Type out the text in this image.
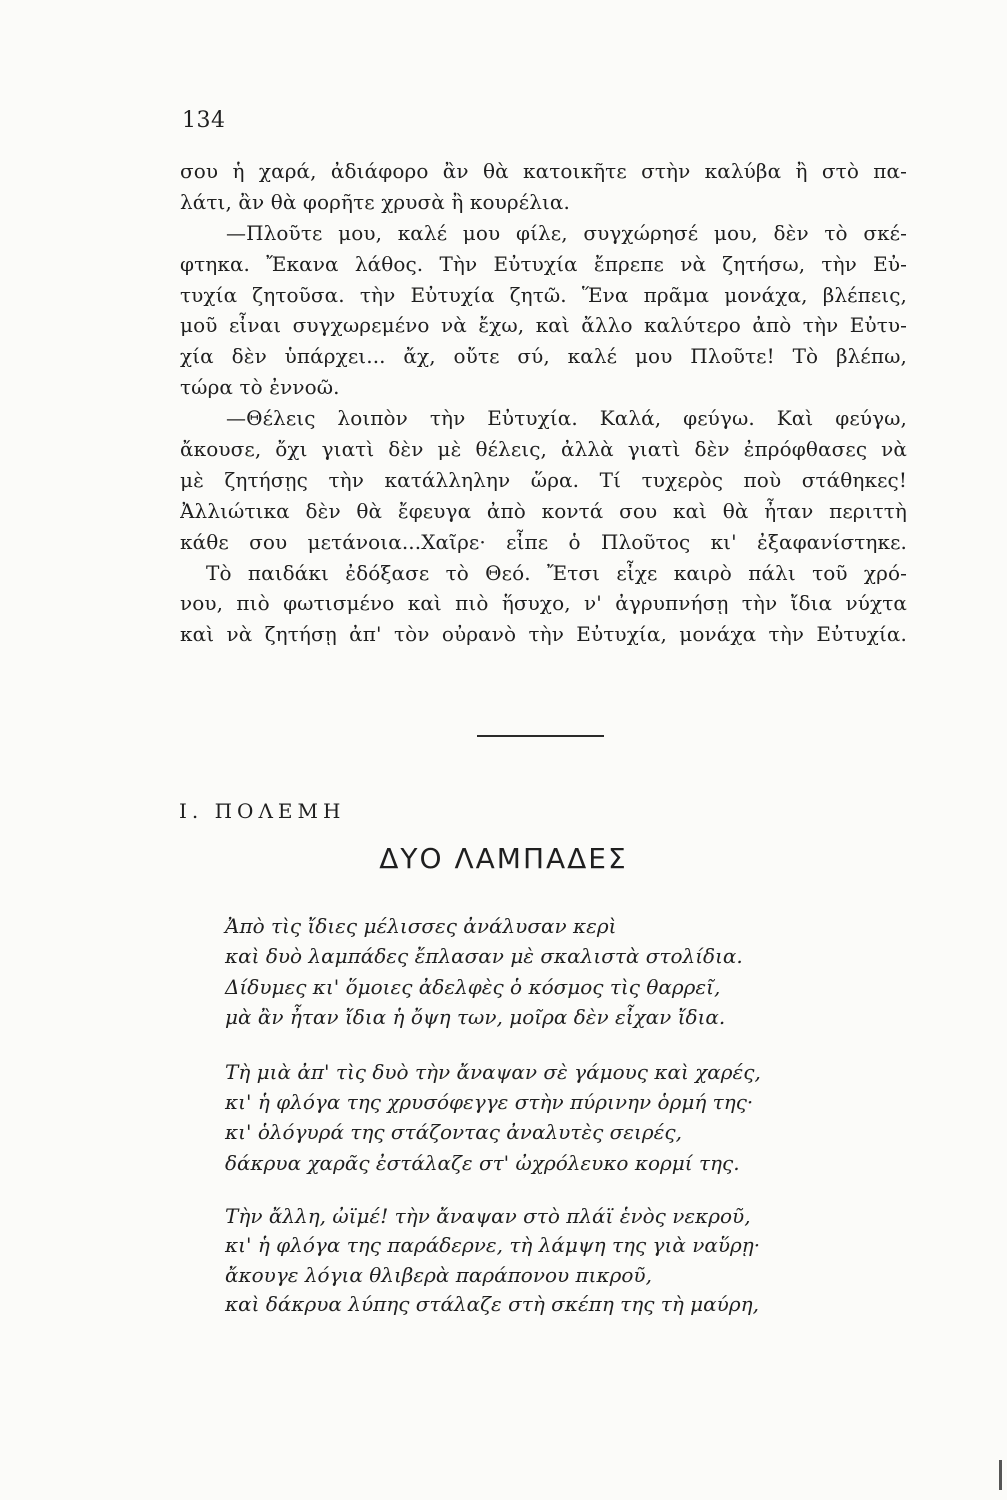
134
σου ἡ χαρά, ἀδιάφορο ἂν θὰ κατοικῆτε στὴν καλύβα ἢ στὸ πα-
λάτι, ἂν θὰ φορῆτε χρυσὰ ἢ κουρέλια.
—Πλοῦτε μου, καλέ μου φίλε, συγχώρησέ μου, δὲν τὸ σκέ-
φτηκα. Ἔκανα λάθος. Τὴν Εὐτυχία ἔπρεπε νὰ ζητήσω, τὴν Εὐ-
τυχία ζητοῦσα. τὴν Εὐτυχία ζητῶ. Ἕνα πρᾶμα μονάχα, βλέπεις,
μοῦ εἶναι συγχωρεμένο νὰ ἔχω, καὶ ἄλλο καλύτερο ἀπὸ τὴν Εὐτυ-
χία δὲν ὑπάρχει... ἄχ, οὔτε σύ, καλέ μου Πλοῦτε! Τὸ βλέπω,
τώρα τὸ ἐννοῶ.
—Θέλεις λοιπὸν τὴν Εὐτυχία. Καλά, φεύγω. Καὶ φεύγω,
ἄκουσε, ὄχι γιατὶ δὲν μὲ θέλεις, ἀλλὰ γιατὶ δὲν ἐπρόφθασες νὰ
μὲ ζητήσῃς τὴν κατάλληλην ὥρα. Τί τυχερὸς ποὺ στάθηκες!
Ἀλλιώτικα δὲν θὰ ἔφευγα ἀπὸ κοντά σου καὶ θὰ ἦταν περιττὴ
κάθε σου μετάνοια...Χαῖρε· εἶπε ὁ Πλοῦτος κι' ἐξαφανίστηκε.
Τὸ παιδάκι ἐδόξασε τὸ Θεό. Ἔτσι εἶχε καιρὸ πάλι τοῦ χρό-
νου, πιὸ φωτισμένο καὶ πιὸ ἥσυχο, ν' ἀγρυπνήσῃ τὴν ἴδια νύχτα
καὶ νὰ ζητήσῃ ἀπ' τὸν οὐρανὸ τὴν Εὐτυχία, μονάχα τὴν Εὐτυχία.
Ι. ΠΟΛΕΜΗ
ΔΥΟ ΛΑΜΠΑΔΕΣ
Ἀπὸ τὶς ἴδιες μέλισσες ἀνάλυσαν κερὶ
καὶ δυὸ λαμπάδες ἔπλασαν μὲ σκαλιστὰ στολίδια.
Δίδυμες κι' ὅμοιες ἀδελφὲς ὁ κόσμος τὶς θαρρεῖ,
μὰ ἂν ἦταν ἴδια ἡ ὄψη των, μοῖρα δὲν εἶχαν ἴδια.
Τὴ μιὰ ἀπ' τὶς δυὸ τὴν ἄναψαν σὲ γάμους καὶ χαρές,
κι' ἡ φλόγα της χρυσόφεγγε στὴν πύρινην ὁρμή της·
κι' ὁλόγυρά της στάζοντας ἀναλυτὲς σειρές,
δάκρυα χαρᾶς ἐστάλαζε στ' ὠχρόλευκο κορμί της.
Τὴν ἄλλη, ὠϊμέ! τὴν ἄναψαν στὸ πλάϊ ἑνὸς νεκροῦ,
κι' ἡ φλόγα της παράδερνε, τὴ λάμψη της γιὰ ναὕρῃ·
ἄκουγε λόγια θλιβερὰ παράπονου πικροῦ,
καὶ δάκρυα λύπης στάλαζε στὴ σκέπη της τὴ μαύρη,
